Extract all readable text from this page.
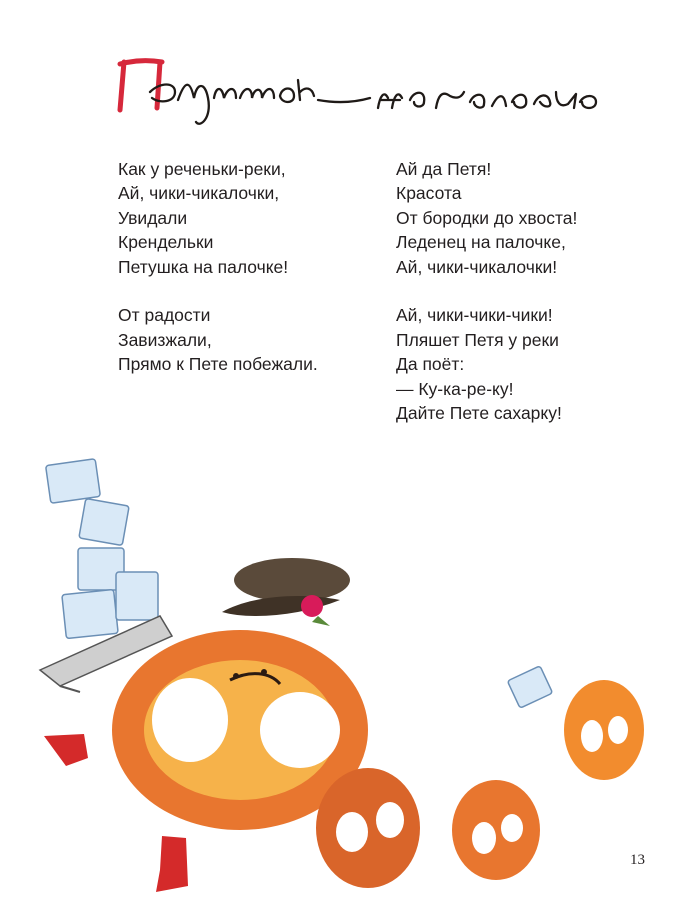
Как у реченьки-реки,
Ай, чики-чикалочки,
Увидали
Крендельки
Петушка на палочке!
От радости
Завизжали,
Прямо к Пете побежали.
Ай да Петя!
Красота
От бородки до хвоста!
Леденец на палочке,
Ай, чики-чикалочки!
Ай, чики-чики-чики!
Пляшет Петя у реки
Да поёт:
— Ку-ка-ре-ку!
Дайте Пете сахарку!
13
